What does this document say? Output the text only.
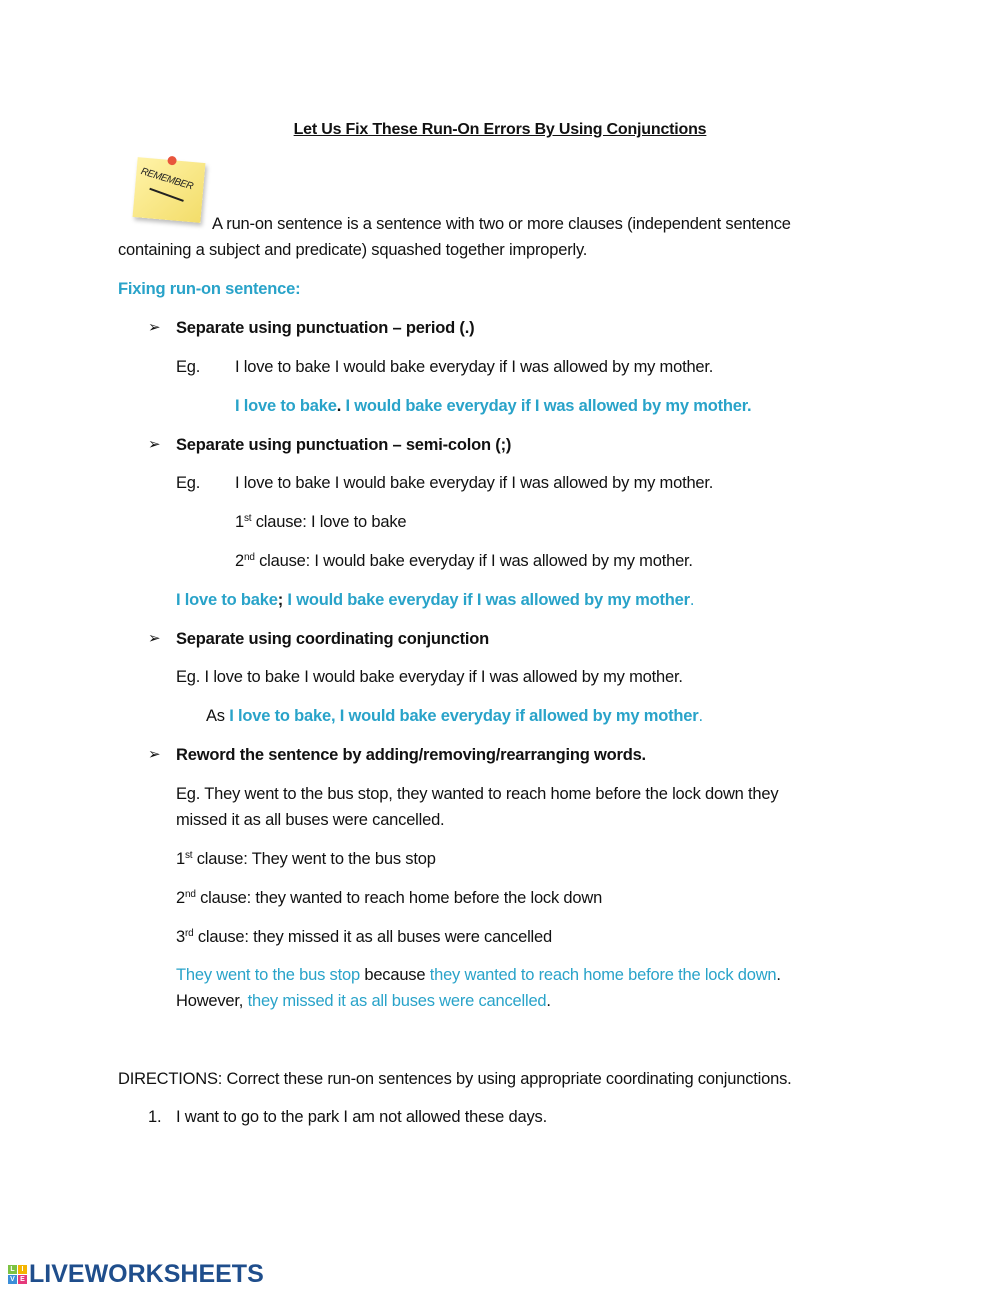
Let Us Fix These Run-On Errors By Using Conjunctions
REMEMBER
A run-on sentence is a sentence with two or more clauses (independent sentence
containing a subject and predicate) squashed together improperly.
Fixing run-on sentence:
➢ Separate using punctuation – period (.)
Eg. I love to bake I would bake everyday if I was allowed by my mother.
I love to bake. I would bake everyday if I was allowed by my mother.
➢ Separate using punctuation – semi-colon (;)
Eg. I love to bake I would bake everyday if I was allowed by my mother.
1st clause: I love to bake
2nd clause: I would bake everyday if I was allowed by my mother.
I love to bake; I would bake everyday if I was allowed by my mother.
➢ Separate using coordinating conjunction
Eg. I love to bake I would bake everyday if I was allowed by my mother.
As I love to bake, I would bake everyday if allowed by my mother.
➢ Reword the sentence by adding/removing/rearranging words.
Eg. They went to the bus stop, they wanted to reach home before the lock down they
missed it as all buses were cancelled.
1st clause: They went to the bus stop
2nd clause: they wanted to reach home before the lock down
3rd clause: they missed it as all buses were cancelled
They went to the bus stop because they wanted to reach home before the lock down.
However, they missed it as all buses were cancelled.
DIRECTIONS: Correct these run-on sentences by using appropriate coordinating conjunctions.
1. I want to go to the park I am not allowed these days.
L I
V E LIVEWORKSHEETS
